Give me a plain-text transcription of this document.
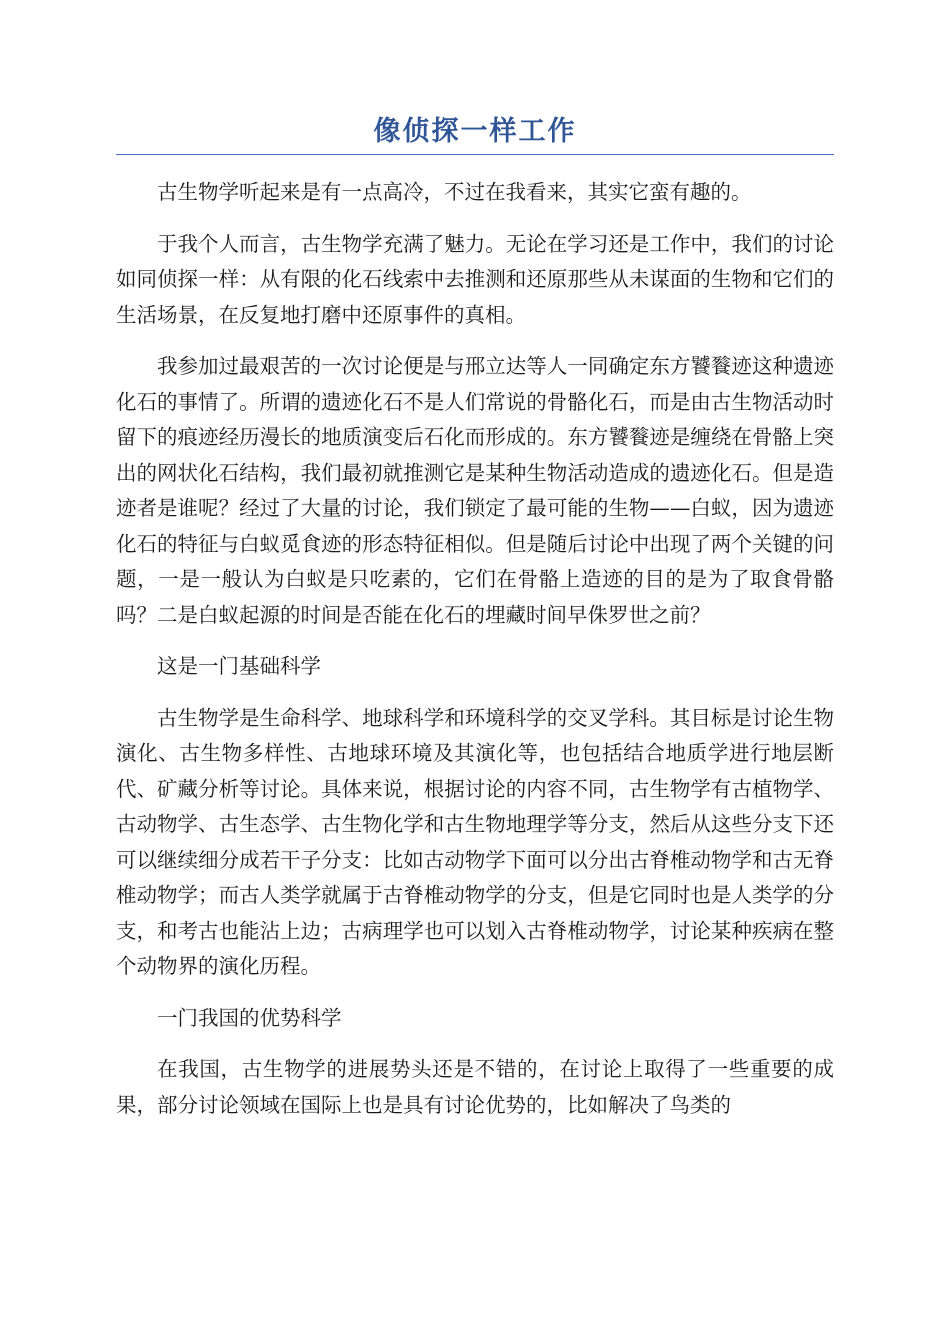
像侦探一样工作

古生物学听起来是有一点高冷，不过在我看来，其实它蛮有趣的。

于我个人而言，古生物学充满了魅力。无论在学习还是工作中，我们的讨论如同侦探一样：从有限的化石线索中去推测和还原那些从未谋面的生物和它们的生活场景，在反复地打磨中还原事件的真相。

我参加过最艰苦的一次讨论便是与邢立达等人一同确定东方饕餮迹这种遗迹化石的事情了。所谓的遗迹化石不是人们常说的骨骼化石，而是由古生物活动时留下的痕迹经历漫长的地质演变后石化而形成的。东方饕餮迹是缠绕在骨骼上突出的网状化石结构，我们最初就推测它是某种生物活动造成的遗迹化石。但是造迹者是谁呢？经过了大量的讨论，我们锁定了最可能的生物——白蚁，因为遗迹化石的特征与白蚁觅食迹的形态特征相似。但是随后讨论中出现了两个关键的问题，一是一般认为白蚁是只吃素的，它们在骨骼上造迹的目的是为了取食骨骼吗？二是白蚁起源的时间是否能在化石的埋藏时间早侏罗世之前？

这是一门基础科学

古生物学是生命科学、地球科学和环境科学的交叉学科。其目标是讨论生物演化、古生物多样性、古地球环境及其演化等，也包括结合地质学进行地层断代、矿藏分析等讨论。具体来说，根据讨论的内容不同，古生物学有古植物学、古动物学、古生态学、古生物化学和古生物地理学等分支，然后从这些分支下还可以继续细分成若干子分支：比如古动物学下面可以分出古脊椎动物学和古无脊椎动物学；而古人类学就属于古脊椎动物学的分支，但是它同时也是人类学的分支，和考古也能沾上边；古病理学也可以划入古脊椎动物学，讨论某种疾病在整个动物界的演化历程。

一门我国的优势科学

在我国，古生物学的进展势头还是不错的，在讨论上取得了一些重要的成果，部分讨论领域在国际上也是具有讨论优势的，比如解决了鸟类的
